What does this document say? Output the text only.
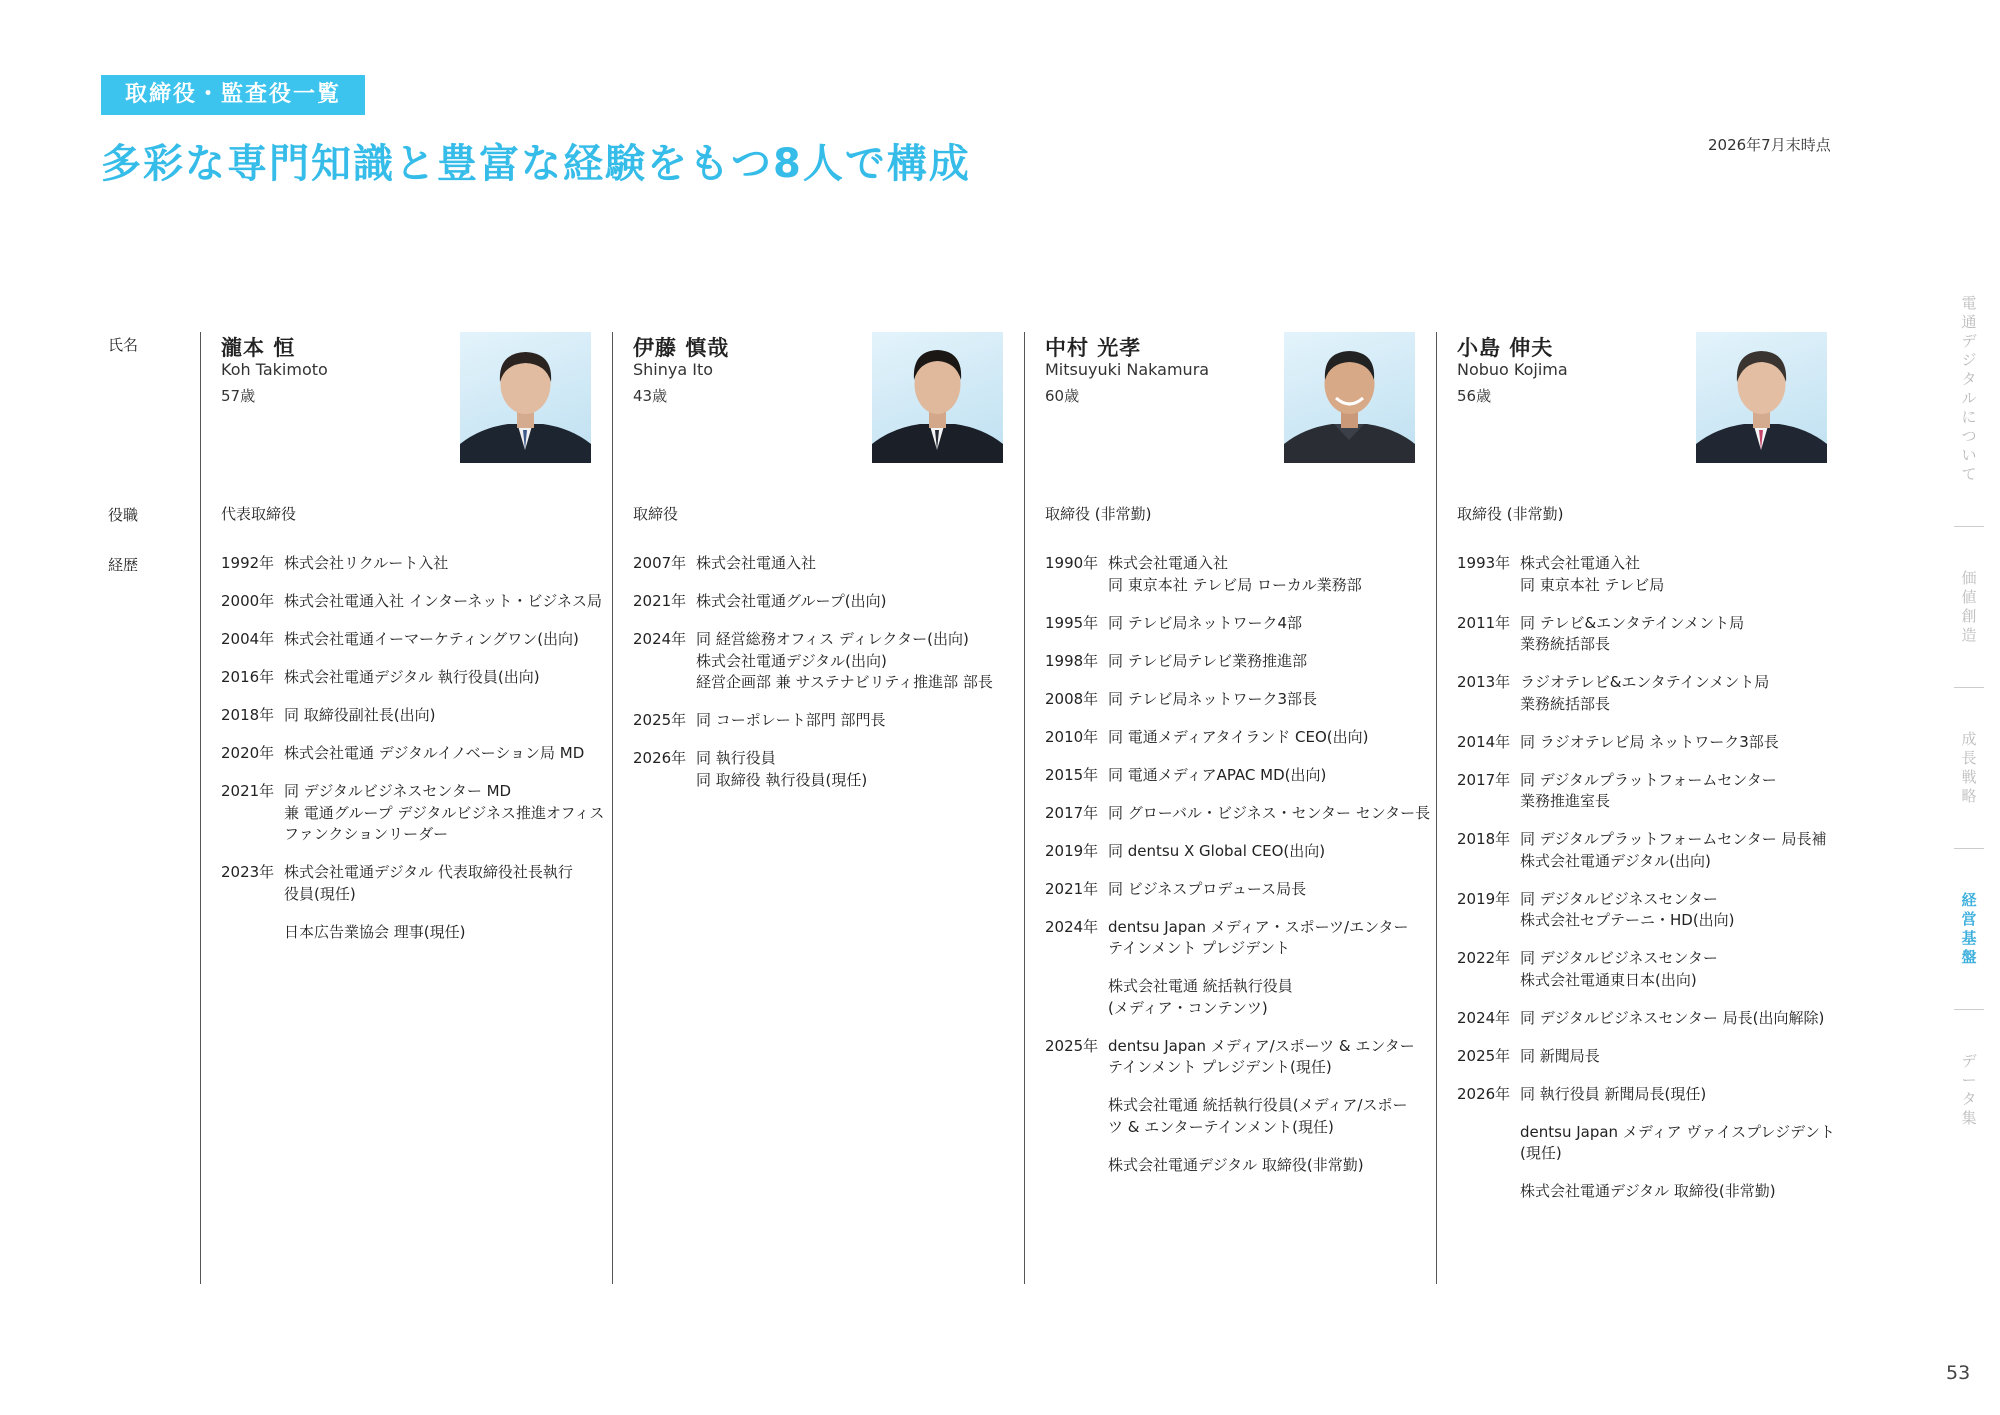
取締役・監査役一覧
多彩な専門知識と豊富な経験をもつ8人で構成	2026年7月末時点
氏名
役職
経歴
瀧本 恒
Koh Takimoto
57歳
代表取締役
1992年 株式会社リクルート入社
2000年 株式会社電通入社 インターネット・ビジネス局
2004年 株式会社電通イーマーケティングワン(出向)
2016年 株式会社電通デジタル 執行役員(出向)
2018年 同 取締役副社長(出向)
2020年 株式会社電通 デジタルイノベーション局 MD
2021年 同 デジタルビジネスセンター MD
兼 電通グループ デジタルビジネス推進オフィス
ファンクションリーダー
2023年 株式会社電通デジタル 代表取締役社長執行
役員(現任)
日本広告業協会 理事(現任)
伊藤 慎哉
Shinya Ito
43歳
取締役
2007年 株式会社電通入社
2021年 株式会社電通グループ(出向)
2024年 同 経営総務オフィス ディレクター(出向)
株式会社電通デジタル(出向)
経営企画部 兼 サステナビリティ推進部 部長
2025年 同 コーポレート部門 部門長
2026年 同 執行役員
同 取締役 執行役員(現任)
中村 光孝
Mitsuyuki Nakamura
60歳
取締役 (非常勤)
1990年 株式会社電通入社
同 東京本社 テレビ局 ローカル業務部
1995年 同 テレビ局ネットワーク4部
1998年 同 テレビ局テレビ業務推進部
2008年 同 テレビ局ネットワーク3部長
2010年 同 電通メディアタイランド CEO(出向)
2015年 同 電通メディアAPAC MD(出向)
2017年 同 グローバル・ビジネス・センター センター長
2019年 同 dentsu X Global CEO(出向)
2021年 同 ビジネスプロデュース局長
2024年 dentsu Japan メディア・スポーツ/エンター
テインメント プレジデント
株式会社電通 統括執行役員
(メディア・コンテンツ)
2025年 dentsu Japan メディア/スポーツ & エンター
テインメント プレジデント(現任)
株式会社電通 統括執行役員(メディア/スポー
ツ & エンターテインメント(現任)
株式会社電通デジタル 取締役(非常勤)
小島 伸夫
Nobuo Kojima
56歳
取締役 (非常勤)
1993年 株式会社電通入社
同 東京本社 テレビ局
2011年 同 テレビ&エンタテインメント局
業務統括部長
2013年 ラジオテレビ&エンタテインメント局
業務統括部長
2014年 同 ラジオテレビ局 ネットワーク3部長
2017年 同 デジタルプラットフォームセンター
業務推進室長
2018年 同 デジタルプラットフォームセンター 局長補
株式会社電通デジタル(出向)
2019年 同 デジタルビジネスセンター
株式会社セプテーニ・HD(出向)
2022年 同 デジタルビジネスセンター
株式会社電通東日本(出向)
2024年 同 デジタルビジネスセンター 局長(出向解除)
2025年 同 新聞局長
2026年 同 執行役員 新聞局長(現任)
dentsu Japan メディア ヴァイスプレジデント
(現任)
株式会社電通デジタル 取締役(非常勤)
電
通
デ
ジ
タ
ル
に
つ
い
て
価
値
創
造
成
長
戦
略
経
営
基
盤
デ
ー
タ
集
53
